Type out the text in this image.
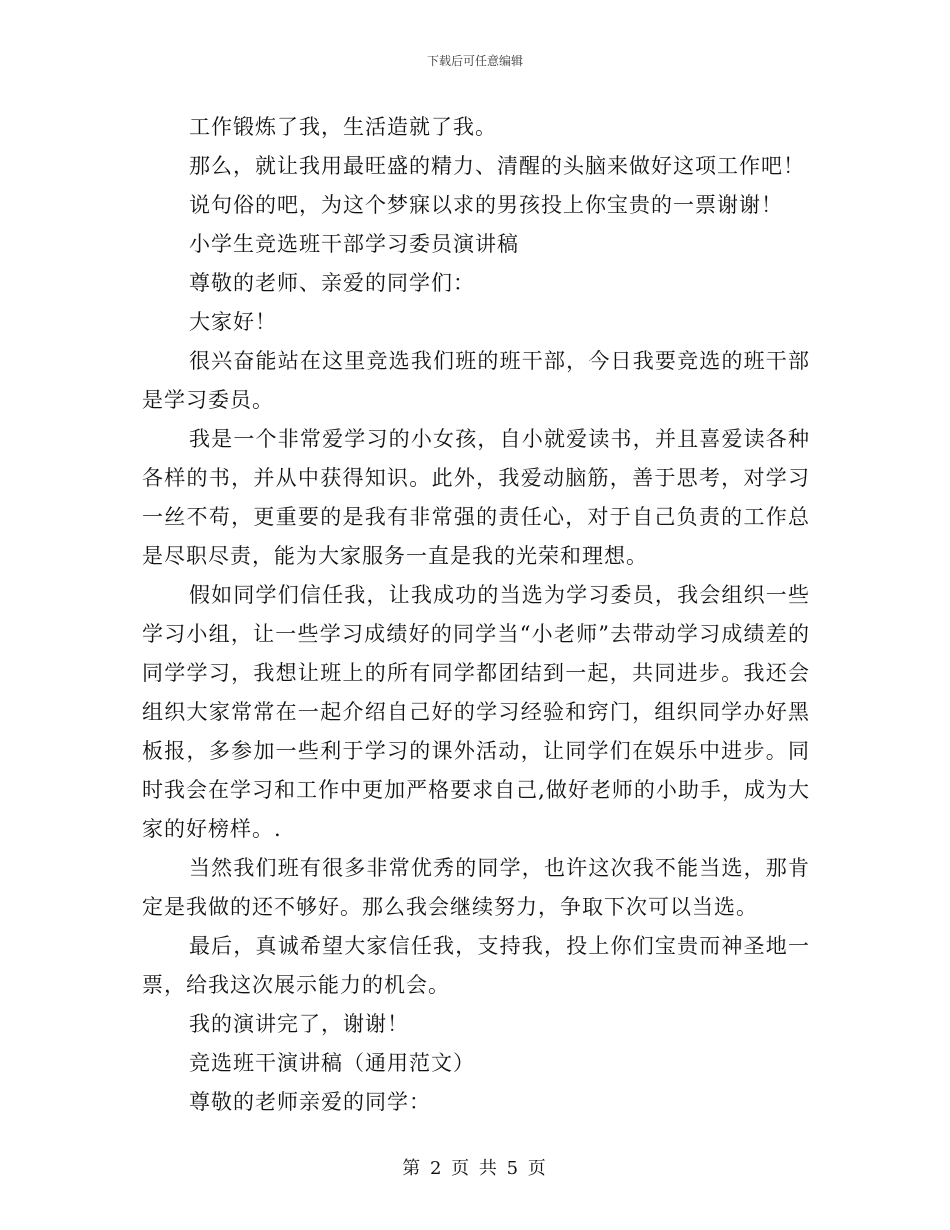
下载后可任意编辑

工作锻炼了我，生活造就了我。

那么，就让我用最旺盛的精力、清醒的头脑来做好这项工作吧！

说句俗的吧，为这个梦寐以求的男孩投上你宝贵的一票谢谢！

小学生竞选班干部学习委员演讲稿

尊敬的老师、亲爱的同学们：

大家好！

很兴奋能站在这里竞选我们班的班干部，今日我要竞选的班干部是学习委员。

我是一个非常爱学习的小女孩，自小就爱读书，并且喜爱读各种各样的书，并从中获得知识。此外，我爱动脑筋，善于思考，对学习一丝不苟，更重要的是我有非常强的责任心，对于自己负责的工作总是尽职尽责，能为大家服务一直是我的光荣和理想。

假如同学们信任我，让我成功的当选为学习委员，我会组织一些学习小组，让一些学习成绩好的同学当“小老师”去带动学习成绩差的同学学习，我想让班上的所有同学都团结到一起，共同进步。我还会组织大家常常在一起介绍自己好的学习经验和窍门，组织同学办好黑板报，多参加一些利于学习的课外活动，让同学们在娱乐中进步。同时我会在学习和工作中更加严格要求自己,做好老师的小助手，成为大家的好榜样。.

当然我们班有很多非常优秀的同学，也许这次我不能当选，那肯定是我做的还不够好。那么我会继续努力，争取下次可以当选。

最后，真诚希望大家信任我，支持我，投上你们宝贵而神圣地一票，给我这次展示能力的机会。

我的演讲完了，谢谢！

竞选班干演讲稿（通用范文）

尊敬的老师亲爱的同学：

第 2 页 共 5 页
